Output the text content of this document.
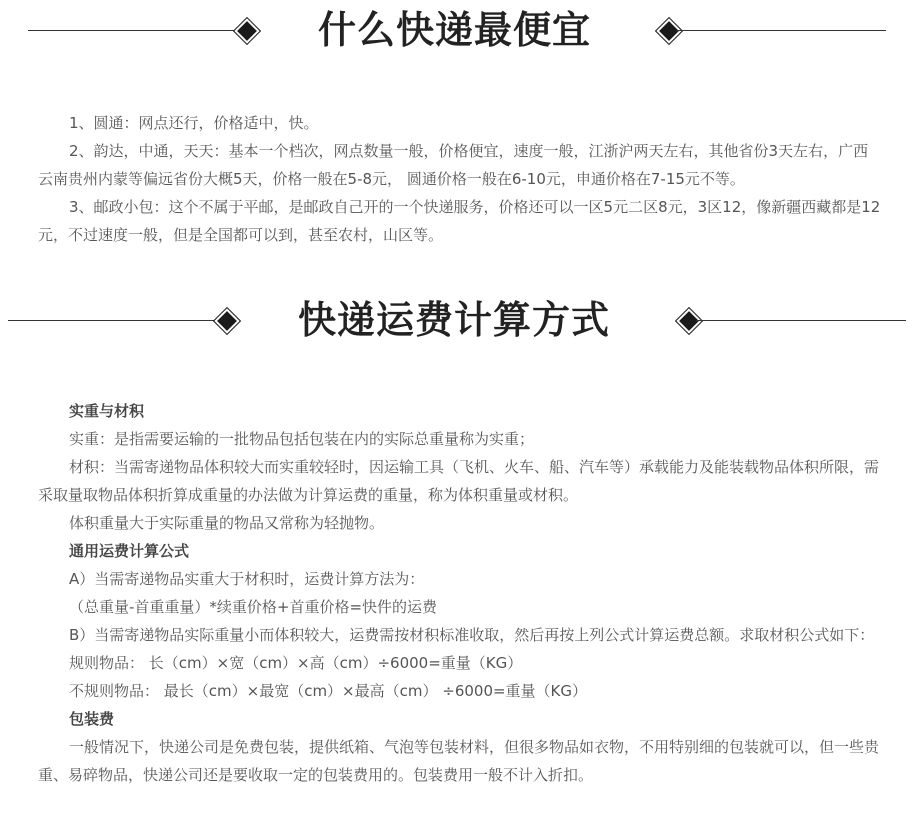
什么快递最便宜

1、圆通：网点还行，价格适中，快。

2、韵达，中通，天天：基本一个档次，网点数量一般，价格便宜，速度一般，江浙沪两天左右，其他省份3天左右，广西云南贵州内蒙等偏远省份大概5天，价格一般在5-8元， 圆通价格一般在6-10元，申通价格在7-15元不等。

3、邮政小包：这个不属于平邮，是邮政自己开的一个快递服务，价格还可以一区5元二区8元，3区12，像新疆西藏都是12元，不过速度一般，但是全国都可以到，甚至农村，山区等。

快递运费计算方式

实重与材积

实重：是指需要运输的一批物品包括包装在内的实际总重量称为实重；

材积：当需寄递物品体积较大而实重较轻时，因运输工具（飞机、火车、船、汽车等）承载能力及能装载物品体积所限，需采取量取物品体积折算成重量的办法做为计算运费的重量，称为体积重量或材积。

体积重量大于实际重量的物品又常称为轻抛物。

通用运费计算公式

A）当需寄递物品实重大于材积时，运费计算方法为：

（总重量-首重重量）*续重价格+首重价格=快件的运费

B）当需寄递物品实际重量小而体积较大，运费需按材积标准收取，然后再按上列公式计算运费总额。求取材积公式如下：

规则物品： 长（cm）×宽（cm）×高（cm）÷6000=重量（KG）

不规则物品： 最长（cm）×最宽（cm）×最高（cm） ÷6000=重量（KG）

包装费

一般情况下，快递公司是免费包装，提供纸箱、气泡等包装材料，但很多物品如衣物，不用特别细的包装就可以，但一些贵重、易碎物品，快递公司还是要收取一定的包装费用的。包装费用一般不计入折扣。
